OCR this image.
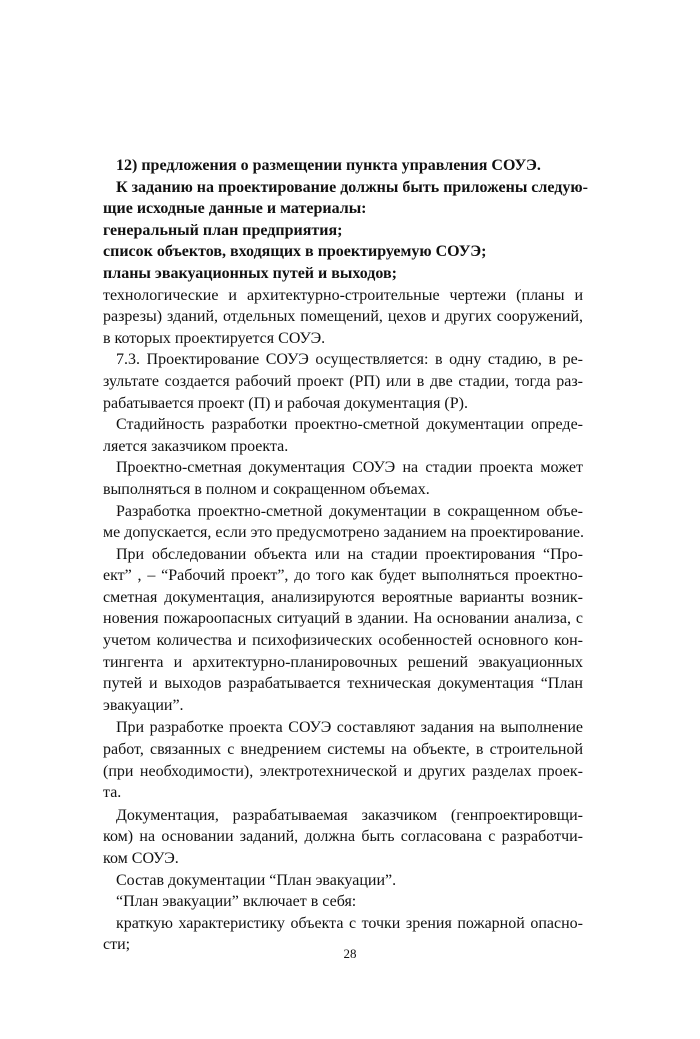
12) предложения о размещении пункта управления СОУЭ.
К заданию на проектирование должны быть приложены следую-
щие исходные данные и материалы:
генеральный план предприятия;
список объектов, входящих в проектируемую СОУЭ;
планы эвакуационных путей и выходов;
технологические и архитектурно-строительные чертежи (планы и
разрезы) зданий, отдельных помещений, цехов и других сооружений,
в которых проектируется СОУЭ.
7.3. Проектирование СОУЭ осуществляется: в одну стадию, в ре-
зультате создается рабочий проект (РП) или в две стадии, тогда раз-
рабатывается проект (П) и рабочая документация (Р).
Стадийность разработки проектно-сметной документации опреде-
ляется заказчиком проекта.
Проектно-сметная документация СОУЭ на стадии проекта может
выполняться в полном и сокращенном объемах.
Разработка проектно-сметной документации в сокращенном объе-
ме допускается, если это предусмотрено заданием на проектирование.
При обследовании объекта или на стадии проектирования “Про-
ект” , – “Рабочий проект”, до того как будет выполняться проектно-
сметная документация, анализируются вероятные варианты возник-
новения пожароопасных ситуаций в здании. На основании анализа, с
учетом количества и психофизических особенностей основного кон-
тингента и архитектурно-планировочных решений эвакуационных
путей и выходов разрабатывается техническая документация “План
эвакуации”.
При разработке проекта СОУЭ составляют задания на выполнение
работ, связанных с внедрением системы на объекте, в строительной
(при необходимости), электротехнической и других разделах проек-
та.
Документация, разрабатываемая заказчиком (генпроектировщи-
ком) на основании заданий, должна быть согласована с разработчи-
ком СОУЭ.
Состав документации “План эвакуации”.
“План эвакуации” включает в себя:
краткую характеристику объекта с точки зрения пожарной опасно-
сти;
28
